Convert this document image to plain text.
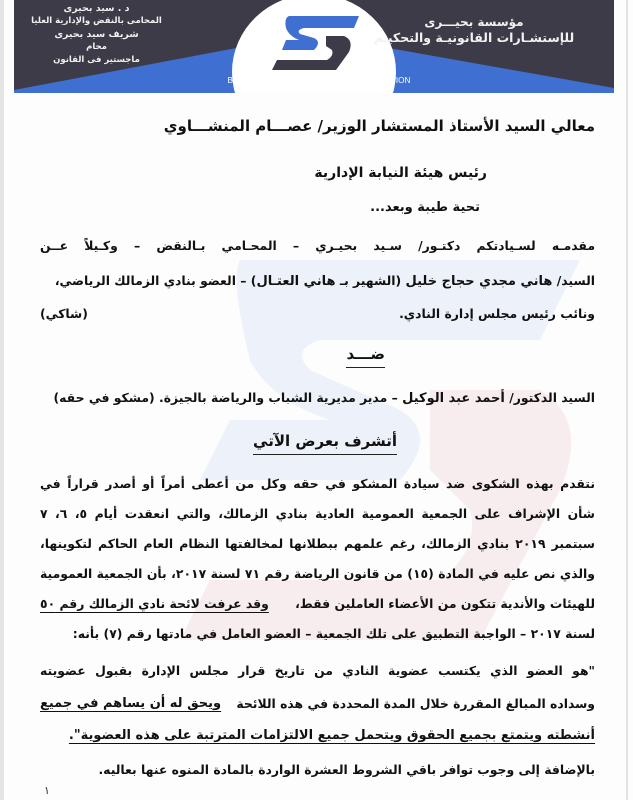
مؤسسة بحيـــرى
للإستشـارات القانونيـة والتحكيـم
د . سيد بحيرى
المحامى بالنقض والإدارية العليا
شريف سيد بحيرى
محام
ماجستير فى القانون
Behery LEGAL CONSULTATION & ARBITRATION
معالي السيد الأستاذ المستشار الوزير/ عصـــام المنشـــاوي
رئيس هيئة النيابة الإدارية
تحية طيبة وبعد...
مقدمـه لسـيادتكم دكتـور/ سـيد بحيـري – المحـامي بـالنقض – وكـيلاً عــن
السيد/ هاني مجدي حجاج خليل (الشهير بـ هاني العتـال) – العضو بنادي الزمالك الرياضي،
ونائب رئيس مجلس إدارة النادي.
(شاكي)
ضـــد
السيد الدكتور/ أحمد عبد الوكيل – مدير مديرية الشباب والرياضة بالجيزة. (مشكو في حقه)
أتشرف بعرض الآتي
نتقدم بهذه الشكوى ضد سيادة المشكو في حقه وكل من أعطى أمراً أو أصدر قراراً في
شأن الإشراف على الجمعية العمومية العادية بنادي الزمالك، والتي انعقدت أيام ٥، ٦، ٧
سبتمبر ٢٠١٩ بنادي الزمالك، رغم علمهم ببطلانها لمخالفتها النظام العام الحاكم لتكوينها،
والذي نص عليه في المادة (١٥) من قانون الرياضة رقم ٧١ لسنة ٢٠١٧، بأن الجمعية العمومية
للهيئات والأندية تتكون من الأعضاء العاملين فقط،
وقد عرفت لائحة نادي الزمالك رقم ٥٠
لسنة ٢٠١٧ – الواجبة التطبيق على تلك الجمعية – العضو العامل في مادتها رقم (٧) بأنه:
"هو العضو الذي يكتسب عضوية النادي من تاريخ قرار مجلس الإدارة بقبول عضويته
وسداده المبالغ المقررة خلال المدة المحددة في هذه اللائحة
ويحق له أن يساهم في جميع
أنشطته ويتمتع بجميع الحقوق ويتحمل جميع الالتزامات المترتبة على هذه العضوية".
بالإضافة إلى وجوب توافر باقي الشروط العشرة الواردة بالمادة المنوه عنها بعاليه.
١
